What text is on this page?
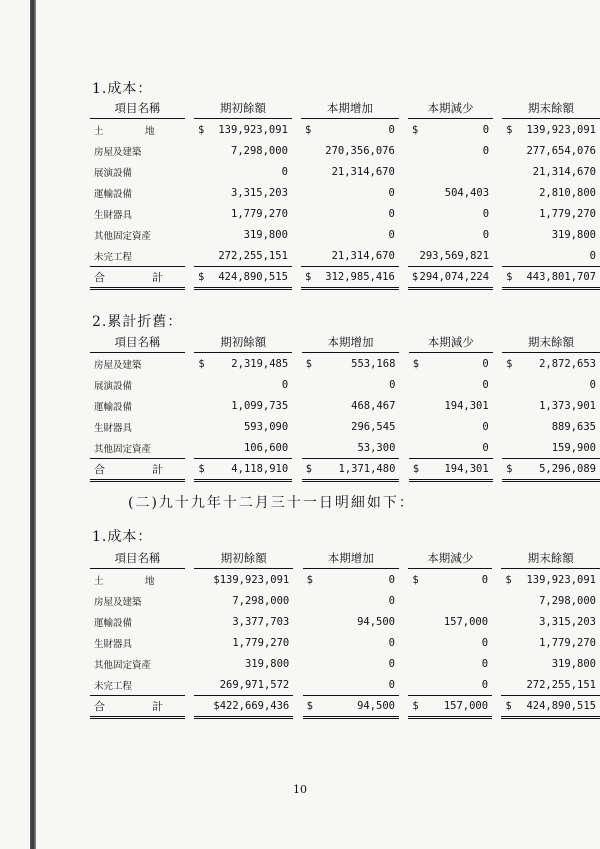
1.成本：
項目名稱		期初餘額		本期增加		本期減少		期末餘額
土　地		$ 139,923,091		$ 0		$ 0		$ 139,923,091
房屋及建築		7,298,000		270,356,076		0		277,654,076
展演設備		0		21,314,670				21,314,670
運輸設備		3,315,203		0		504,403		2,810,800
生財器具		1,779,270		0		0		1,779,270
其他固定資產		319,800		0		0		319,800
未完工程		272,255,151		21,314,670		293,569,821		0
合　計		$ 424,890,515		$ 312,985,416		$ 294,074,224		$ 443,801,707
2.累計折舊：
項目名稱		期初餘額		本期增加		本期減少		期末餘額
房屋及建築		$ 2,319,485		$ 553,168		$ 0		$ 2,872,653
展演設備		0		0		0		0
運輸設備		1,099,735		468,467		194,301		1,373,901
生財器具		593,090		296,545		0		889,635
其他固定資產		106,600		53,300		0		159,900
合　計		$ 4,118,910		$ 1,371,480		$ 194,301		$ 5,296,089
(二)九十九年十二月三十一日明細如下：
1.成本：
項目名稱		期初餘額		本期增加		本期減少		期末餘額
土　地		$139,923,091		$ 0		$ 0		$ 139,923,091
房屋及建築		7,298,000		0				7,298,000
運輸設備		3,377,703		94,500		157,000		3,315,203
生財器具		1,779,270		0		0		1,779,270
其他固定資產		319,800		0		0		319,800
未完工程		269,971,572		0		0		272,255,151
合　計		$422,669,436		$ 94,500		$ 157,000		$ 424,890,515
10
